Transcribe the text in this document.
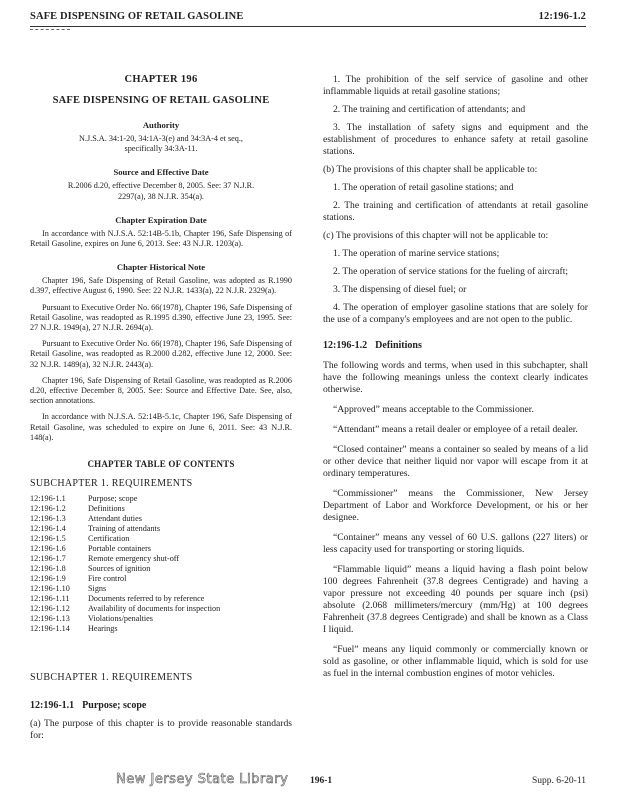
SAFE DISPENSING OF RETAIL GASOLINE	12:196-1.2
CHAPTER 196
SAFE DISPENSING OF RETAIL GASOLINE
Authority
N.J.S.A. 34:1-20, 34:1A-3(e) and 34:3A-4 et seq., specifically 34:3A-11.
Source and Effective Date
R.2006 d.20, effective December 8, 2005. See: 37 N.J.R. 2297(a), 38 N.J.R. 354(a).
Chapter Expiration Date
In accordance with N.J.S.A. 52:14B-5.1b, Chapter 196, Safe Dispensing of Retail Gasoline, expires on June 6, 2013. See: 43 N.J.R. 1203(a).
Chapter Historical Note
Chapter 196, Safe Dispensing of Retail Gasoline, was adopted as R.1990 d.397, effective August 6, 1990. See: 22 N.J.R. 1433(a), 22 N.J.R. 2329(a).
Pursuant to Executive Order No. 66(1978), Chapter 196, Safe Dispensing of Retail Gasoline, was readopted as R.1995 d.390, effective June 23, 1995. See: 27 N.J.R. 1949(a), 27 N.J.R. 2694(a).
Pursuant to Executive Order No. 66(1978), Chapter 196, Safe Dispensing of Retail Gasoline, was readopted as R.2000 d.282, effective June 12, 2000. See: 32 N.J.R. 1489(a), 32 N.J.R. 2443(a).
Chapter 196, Safe Dispensing of Retail Gasoline, was readopted as R.2006 d.20, effective December 8, 2005. See: Source and Effective Date. See, also, section annotations.
In accordance with N.J.S.A. 52:14B-5.1c, Chapter 196, Safe Dispensing of Retail Gasoline, was scheduled to expire on June 6, 2011. See: 43 N.J.R. 148(a).
CHAPTER TABLE OF CONTENTS
SUBCHAPTER 1. REQUIREMENTS
12:196-1.1	Purpose; scope
12:196-1.2	Definitions
12:196-1.3	Attendant duties
12:196-1.4	Training of attendants
12:196-1.5	Certification
12:196-1.6	Portable containers
12:196-1.7	Remote emergency shut-off
12:196-1.8	Sources of ignition
12:196-1.9	Fire control
12:196-1.10	Signs
12:196-1.11	Documents referred to by reference
12:196-1.12	Availability of documents for inspection
12:196-1.13	Violations/penalties
12:196-1.14	Hearings
SUBCHAPTER 1. REQUIREMENTS
12:196-1.1 Purpose; scope

(a) The purpose of this chapter is to provide reasonable standards for:

1. The prohibition of the self service of gasoline and other inflammable liquids at retail gasoline stations;

2. The training and certification of attendants; and

3. The installation of safety signs and equipment and the establishment of procedures to enhance safety at retail gasoline stations.

(b) The provisions of this chapter shall be applicable to:

1. The operation of retail gasoline stations; and

2. The training and certification of attendants at retail gasoline stations.

(c) The provisions of this chapter will not be applicable to:

1. The operation of marine service stations;

2. The operation of service stations for the fueling of aircraft;

3. The dispensing of diesel fuel; or

4. The operation of employer gasoline stations that are solely for the use of a company's employees and are not open to the public.

12:196-1.2 Definitions

The following words and terms, when used in this subchapter, shall have the following meanings unless the context clearly indicates otherwise.

“Approved” means acceptable to the Commissioner.

“Attendant” means a retail dealer or employee of a retail dealer.

“Closed container” means a container so sealed by means of a lid or other device that neither liquid nor vapor will escape from it at ordinary temperatures.

“Commissioner” means the Commissioner, New Jersey Department of Labor and Workforce Development, or his or her designee.

“Container” means any vessel of 60 U.S. gallons (227 liters) or less capacity used for transporting or storing liquids.

“Flammable liquid” means a liquid having a flash point below 100 degrees Fahrenheit (37.8 degrees Centigrade) and having a vapor pressure not exceeding 40 pounds per square inch (psi) absolute (2.068 millimeters/mercury (mm/Hg) at 100 degrees Fahrenheit (37.8 degrees Centigrade) and shall be known as a Class I liquid.

“Fuel” means any liquid commonly or commercially known or sold as gasoline, or other inflammable liquid, which is sold for use as fuel in the internal combustion engines of motor vehicles.

New Jersey State Library 196-1	Supp. 6-20-11
